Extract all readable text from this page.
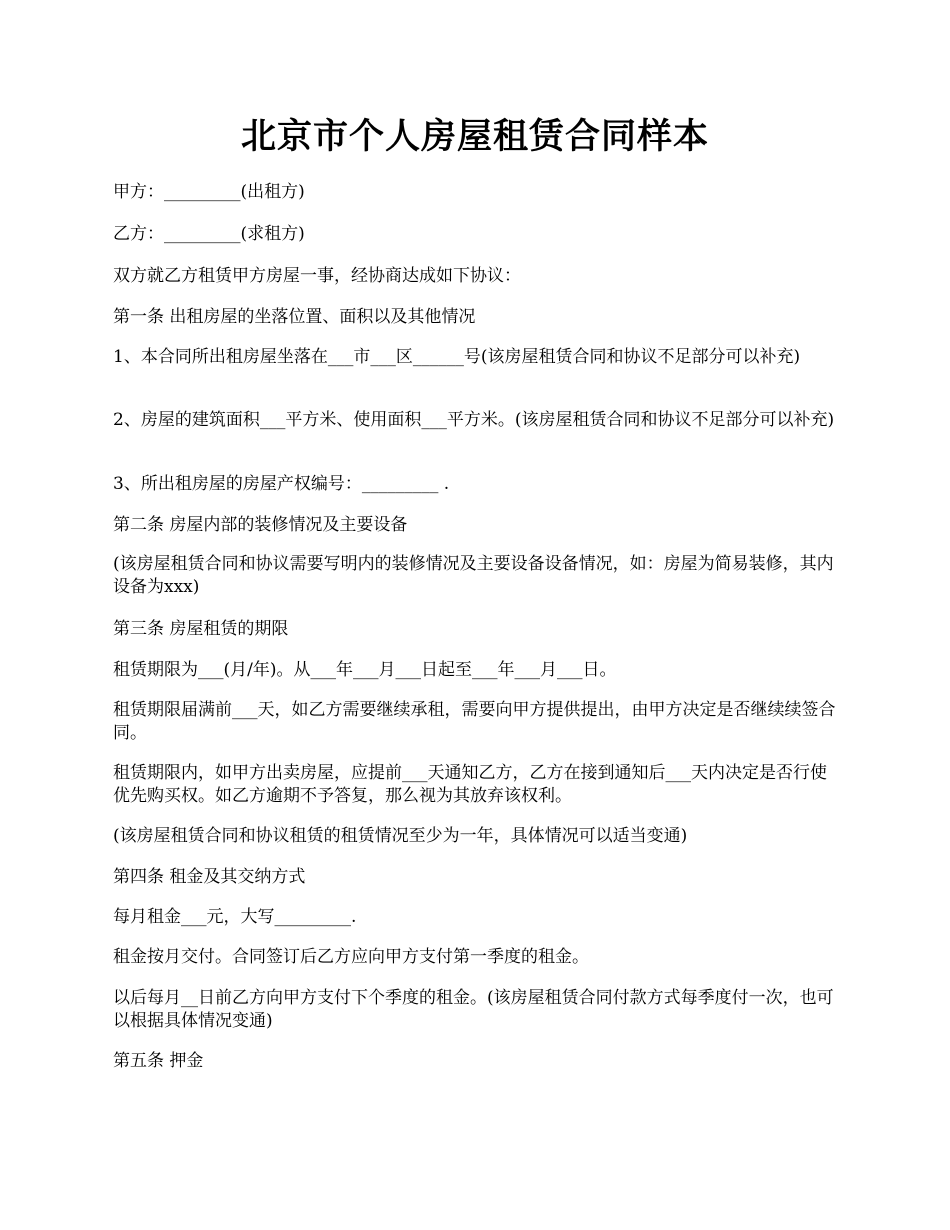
北京市个人房屋租赁合同样本

甲方：_________(出租方)

乙方：_________(求租方)

双方就乙方租赁甲方房屋一事，经协商达成如下协议：

第一条 出租房屋的坐落位置、面积以及其他情况

1、本合同所出租房屋坐落在___市___区______号(该房屋租赁合同和协议不足部分可以补充)

2、房屋的建筑面积___平方米、使用面积___平方米。(该房屋租赁合同和协议不足部分可以补充)

3、所出租房屋的房屋产权编号：_________ .

第二条 房屋内部的装修情况及主要设备

(该房屋租赁合同和协议需要写明内的装修情况及主要设备设备情况，如：房屋为简易装修，其内设备为xxx)

第三条 房屋租赁的期限

租赁期限为___(月/年)。从___年___月___日起至___年___月___日。

租赁期限届满前___天，如乙方需要继续承租，需要向甲方提供提出，由甲方决定是否继续续签合同。

租赁期限内，如甲方出卖房屋，应提前___天通知乙方，乙方在接到通知后___天内决定是否行使优先购买权。如乙方逾期不予答复，那么视为其放弃该权利。

(该房屋租赁合同和协议租赁的租赁情况至少为一年，具体情况可以适当变通)

第四条 租金及其交纳方式

每月租金___元，大写_________.

租金按月交付。合同签订后乙方应向甲方支付第一季度的租金。

以后每月__日前乙方向甲方支付下个季度的租金。(该房屋租赁合同付款方式每季度付一次，也可以根据具体情况变通)

第五条 押金
